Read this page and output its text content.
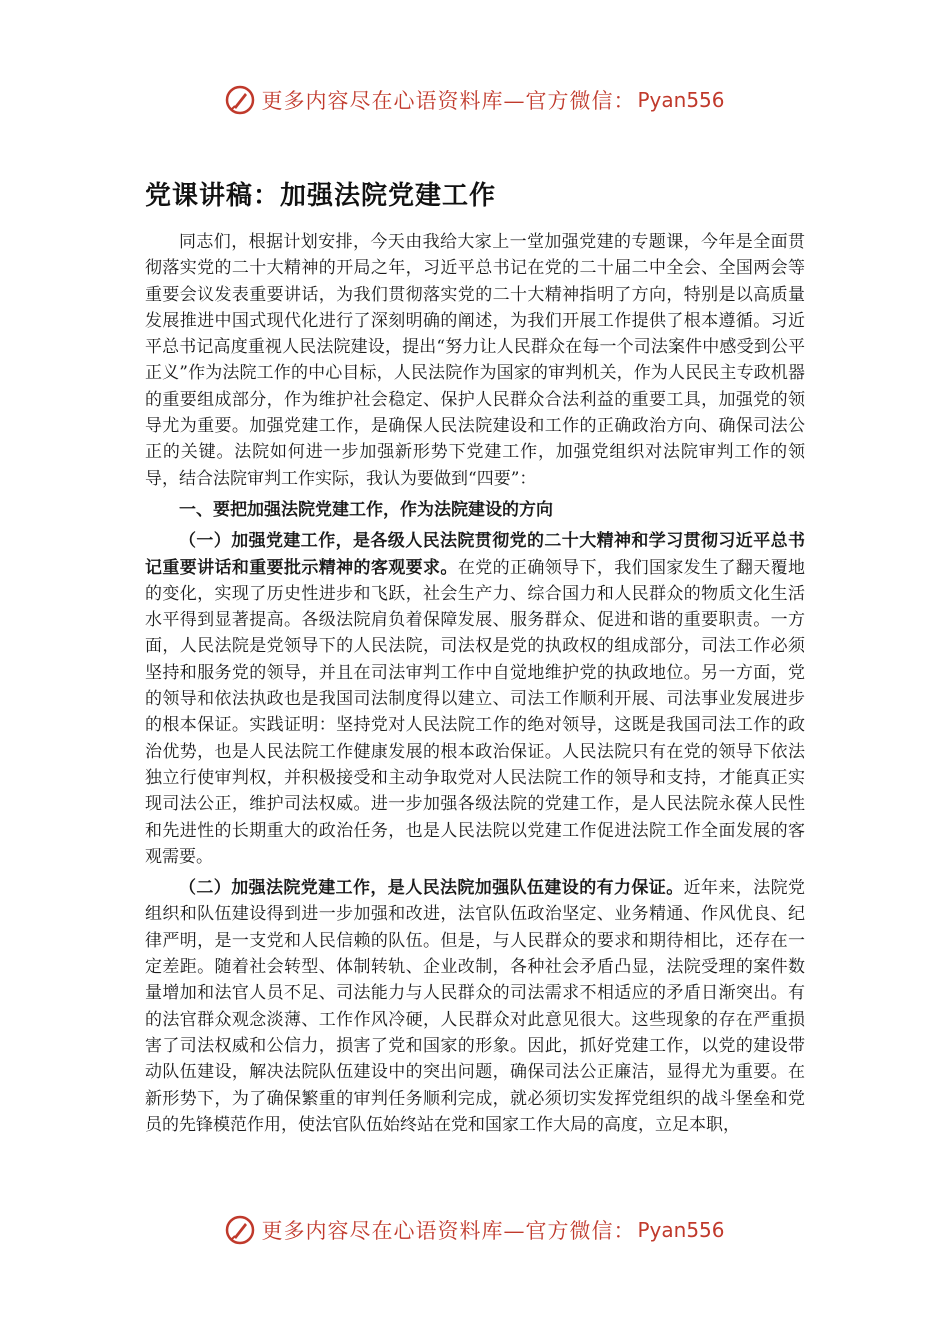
更多内容尽在心语资料库—官方微信： Pyan556
党课讲稿：加强法院党建工作

同志们，根据计划安排，今天由我给大家上一堂加强党建的专题课，今年是全面贯彻落实党的二十大精神的开局之年，习近平总书记在党的二十届二中全会、全国两会等重要会议发表重要讲话，为我们贯彻落实党的二十大精神指明了方向，特别是以高质量发展推进中国式现代化进行了深刻明确的阐述，为我们开展工作提供了根本遵循。习近平总书记高度重视人民法院建设，提出“努力让人民群众在每一个司法案件中感受到公平正义”作为法院工作的中心目标，人民法院作为国家的审判机关，作为人民民主专政机器的重要组成部分，作为维护社会稳定、保护人民群众合法利益的重要工具，加强党的领导尤为重要。加强党建工作，是确保人民法院建设和工作的正确政治方向、确保司法公正的关键。法院如何进一步加强新形势下党建工作，加强党组织对法院审判工作的领导，结合法院审判工作实际，我认为要做到“四要”：

一、要把加强法院党建工作，作为法院建设的方向

（一）加强党建工作，是各级人民法院贯彻党的二十大精神和学习贯彻习近平总书记重要讲话和重要批示精神的客观要求。在党的正确领导下，我们国家发生了翻天覆地的变化，实现了历史性进步和飞跃，社会生产力、综合国力和人民群众的物质文化生活水平得到显著提高。各级法院肩负着保障发展、服务群众、促进和谐的重要职责。一方面，人民法院是党领导下的人民法院，司法权是党的执政权的组成部分，司法工作必须坚持和服务党的领导，并且在司法审判工作中自觉地维护党的执政地位。另一方面，党的领导和依法执政也是我国司法制度得以建立、司法工作顺利开展、司法事业发展进步的根本保证。实践证明：坚持党对人民法院工作的绝对领导，这既是我国司法工作的政治优势，也是人民法院工作健康发展的根本政治保证。人民法院只有在党的领导下依法独立行使审判权，并积极接受和主动争取党对人民法院工作的领导和支持，才能真正实现司法公正，维护司法权威。进一步加强各级法院的党建工作，是人民法院永葆人民性和先进性的长期重大的政治任务，也是人民法院以党建工作促进法院工作全面发展的客观需要。

（二）加强法院党建工作，是人民法院加强队伍建设的有力保证。近年来，法院党组织和队伍建设得到进一步加强和改进，法官队伍政治坚定、业务精通、作风优良、纪律严明，是一支党和人民信赖的队伍。但是，与人民群众的要求和期待相比，还存在一定差距。随着社会转型、体制转轨、企业改制，各种社会矛盾凸显，法院受理的案件数量增加和法官人员不足、司法能力与人民群众的司法需求不相适应的矛盾日渐突出。有的法官群众观念淡薄、工作作风冷硬，人民群众对此意见很大。这些现象的存在严重损害了司法权威和公信力，损害了党和国家的形象。因此，抓好党建工作，以党的建设带动队伍建设，解决法院队伍建设中的突出问题，确保司法公正廉洁，显得尤为重要。在新形势下，为了确保繁重的审判任务顺利完成，就必须切实发挥党组织的战斗堡垒和党员的先锋模范作用，使法官队伍始终站在党和国家工作大局的高度，立足本职，

更多内容尽在心语资料库—官方微信： Pyan556
